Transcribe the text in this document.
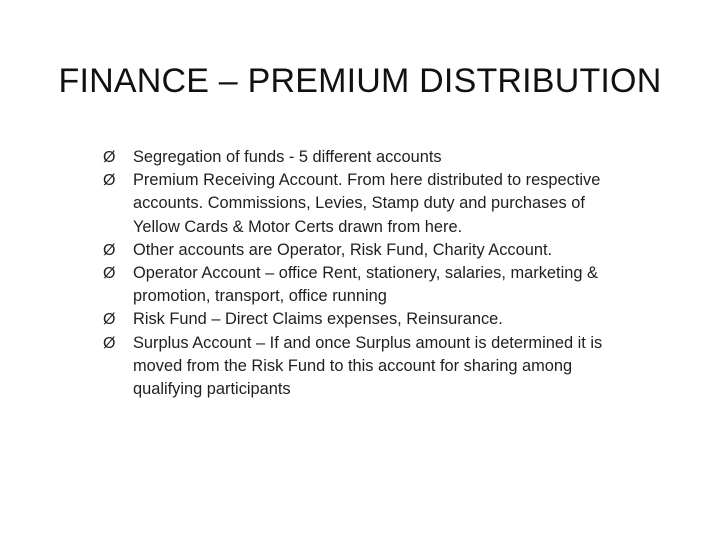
FINANCE – PREMIUM DISTRIBUTION
Ø	Segregation of funds - 5 different accounts
Ø	Premium Receiving Account. From here distributed to respective accounts. Commissions, Levies, Stamp duty and purchases of Yellow Cards & Motor Certs drawn from here.
Ø	Other accounts are Operator, Risk Fund, Charity Account.
Ø	Operator Account – office Rent, stationery, salaries, marketing & promotion, transport, office running
Ø	Risk Fund – Direct Claims expenses, Reinsurance.
Ø	Surplus Account – If and once Surplus amount is determined it is moved from the Risk Fund to this account for sharing among qualifying participants
